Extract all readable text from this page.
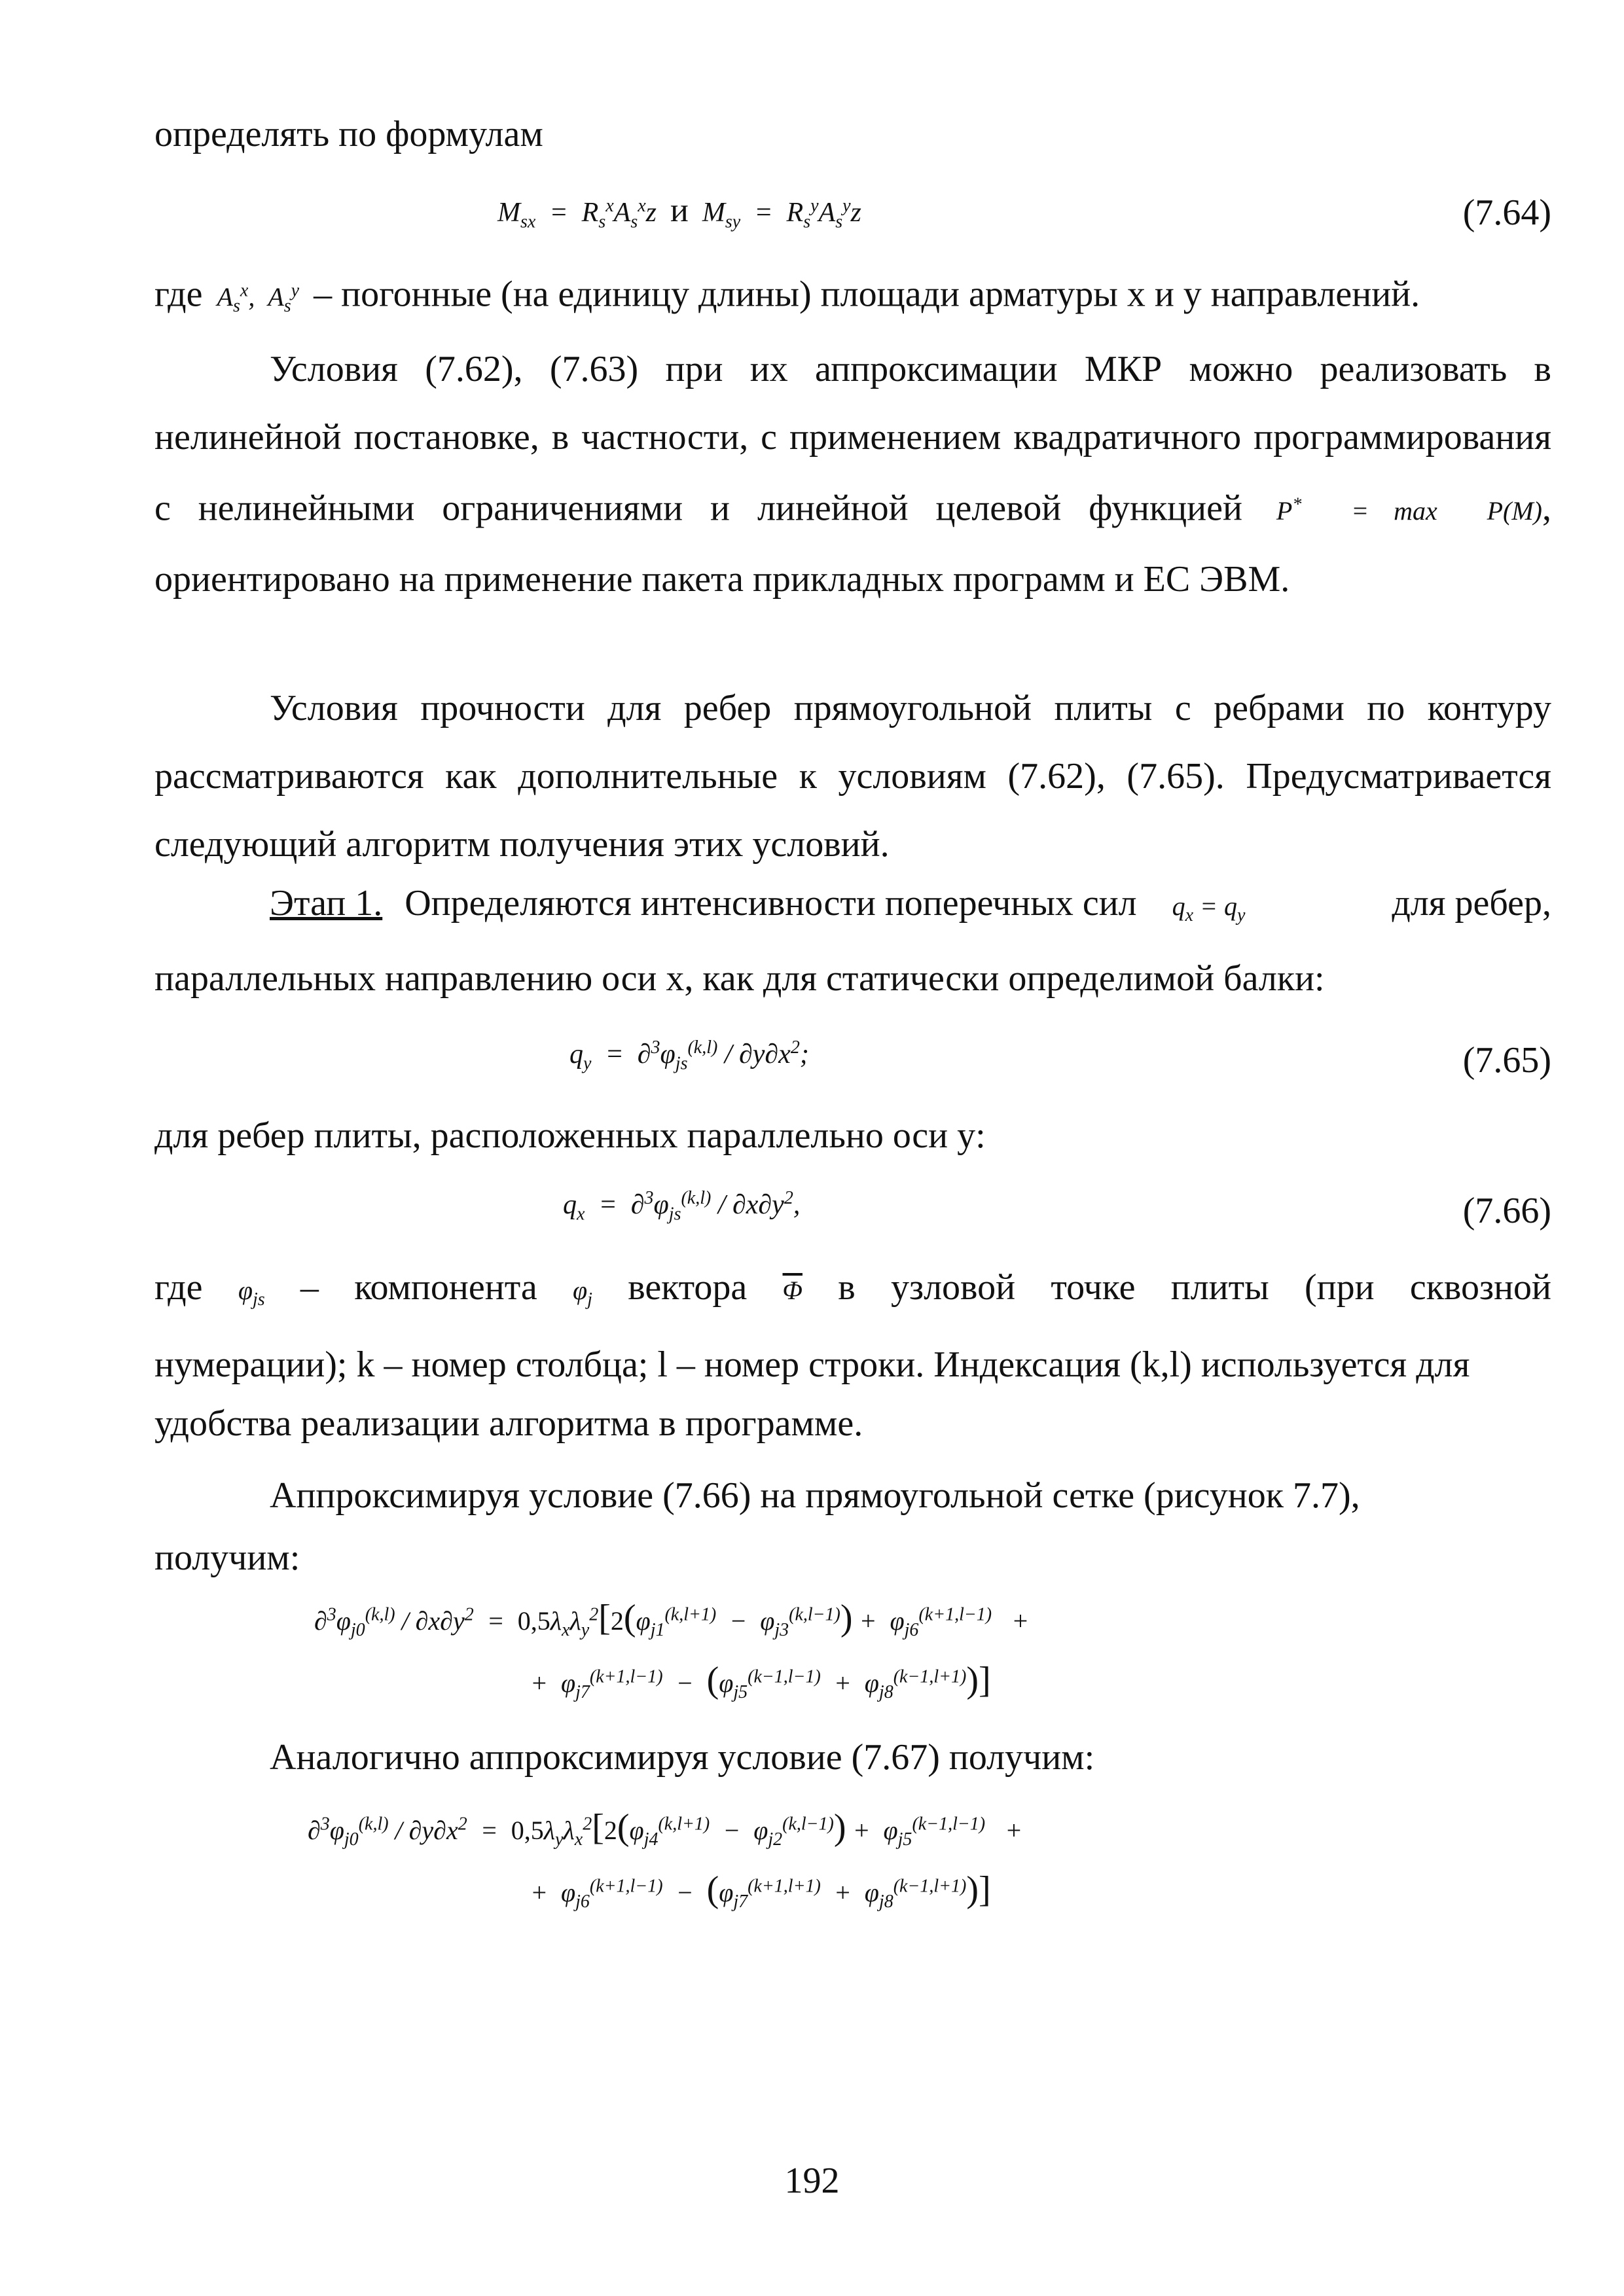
определять по формулам
$M_{sx} = R_s^xA_s^xz$  и  $M_{sy} = R_s^yA_s^yz$	(7.64)
где $A_s^x$,  $A_s^y$ – погонные (на единицу длины) площади арматуры x и y направлений.
Условия (7.62), (7.63) при их аппроксимации МКР можно реализовать в нелинейной постановке, в частности, с применением квадратичного программирования с нелинейными ограничениями и линейной целевой функцией P*  = max  P(M), ориентировано на применение пакета прикладных программ и ЕС ЭВМ.
Условия прочности для ребер прямоугольной плиты с ребрами по контуру рассматриваются как дополнительные к условиям (7.62), (7.65). Предусматривается следующий алгоритм получения этих условий.
Этап 1. Определяются интенсивности поперечных сил $q_x = q_y$	для ребер,
параллельных направлению оси x, как для статически определимой балки:
$q_y = \partial^3\varphi_{js}^{(k,l)} / \partial y\partial x^2$;	(7.65)
для ребер плиты, расположенных параллельно оси y:
$q_x = \partial^3\varphi_{js}^{(k,l)} / \partial x\partial y^2$,	(7.66)
где $\varphi_{js}$ – компонента $\varphi_j$ вектора $\overline{\Phi}$ в узловой точке плиты (при сквозной
нумерации); k – номер столбца; l – номер строки. Индексация (k,l) используется для
удобства реализации алгоритма в программе.
Аппроксимируя условие (7.66) на прямоугольной сетке (рисунок 7.7),
получим:
$\partial^3\varphi_{j0}^{(k,l)} / \partial x\partial y^2 = 0,5\lambda_x\lambda_y^2[2(\varphi_{j1}^{(k,l+1)} - \varphi_{j3}^{(k,l-1)}) + \varphi_{j6}^{(k+1,l-1)}$   +
+  $\varphi_{j7}^{(k+1,l-1)} - (\varphi_{j5}^{(k-1,l-1)} + \varphi_{j8}^{(k-1,l+1)})$]
Аналогично аппроксимируя условие (7.67) получим:
$\partial^3\varphi_{j0}^{(k,l)} / \partial y\partial x^2 = 0,5\lambda_y\lambda_x^2[2(\varphi_{j4}^{(k,l+1)} - \varphi_{j2}^{(k,l-1)}) + \varphi_{j5}^{(k-1,l-1)}$   +
+  $\varphi_{j6}^{(k+1,l-1)} - (\varphi_{j7}^{(k+1,l+1)} + \varphi_{j8}^{(k-1,l+1)})$]
192
